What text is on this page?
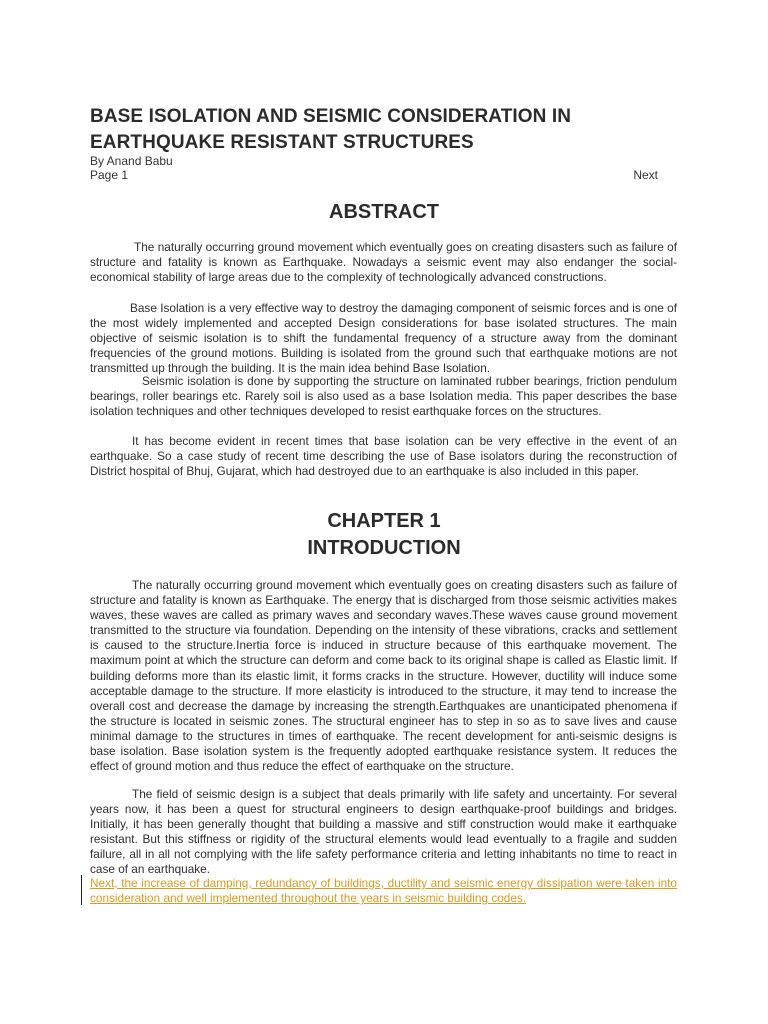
BASE ISOLATION AND SEISMIC CONSIDERATION IN EARTHQUAKE RESISTANT STRUCTURES
By Anand Babu
Page 1	Next
ABSTRACT

The naturally occurring ground movement which eventually goes on creating disasters such as failure of structure and fatality is known as Earthquake. Nowadays a seismic event may also endanger the social-economical stability of large areas due to the complexity of technologically advanced constructions.

Base Isolation is a very effective way to destroy the damaging component of seismic forces and is one of the most widely implemented and accepted Design considerations for base isolated structures. The main objective of seismic isolation is to shift the fundamental frequency of a structure away from the dominant frequencies of the ground motions. Building is isolated from the ground such that earthquake motions are not transmitted up through the building. It is the main idea behind Base Isolation.

Seismic isolation is done by supporting the structure on laminated rubber bearings, friction pendulum bearings, roller bearings etc. Rarely soil is also used as a base Isolation media. This paper describes the base isolation techniques and other techniques developed to resist earthquake forces on the structures.

It has become evident in recent times that base isolation can be very effective in the event of an earthquake. So a case study of recent time describing the use of Base isolators during the reconstruction of District hospital of Bhuj, Gujarat, which had destroyed due to an earthquake is also included in this paper.

CHAPTER 1
INTRODUCTION

The naturally occurring ground movement which eventually goes on creating disasters such as failure of structure and fatality is known as Earthquake. The energy that is discharged from those seismic activities makes waves, these waves are called as primary waves and secondary waves.These waves cause ground movement transmitted to the structure via foundation. Depending on the intensity of these vibrations, cracks and settlement is caused to the structure.Inertia force is induced in structure because of this earthquake movement. The maximum point at which the structure can deform and come back to its original shape is called as Elastic limit. If building deforms more than its elastic limit, it forms cracks in the structure. However, ductility will induce some acceptable damage to the structure. If more elasticity is introduced to the structure, it may tend to increase the overall cost and decrease the damage by increasing the strength.Earthquakes are unanticipated phenomena if the structure is located in seismic zones. The structural engineer has to step in so as to save lives and cause minimal damage to the structures in times of earthquake. The recent development for anti-seismic designs is base isolation. Base isolation system is the frequently adopted earthquake resistance system. It reduces the effect of ground motion and thus reduce the effect of earthquake on the structure.

The field of seismic design is a subject that deals primarily with life safety and uncertainty. For several years now, it has been a quest for structural engineers to design earthquake-proof buildings and bridges. Initially, it has been generally thought that building a massive and stiff construction would make it earthquake resistant. But this stiffness or rigidity of the structural elements would lead eventually to a fragile and sudden failure, all in all not complying with the life safety performance criteria and letting inhabitants no time to react in case of an earthquake.

Next, the increase of damping, redundancy of buildings, ductility and seismic energy dissipation were taken into consideration and well implemented throughout the years in seismic building codes.
